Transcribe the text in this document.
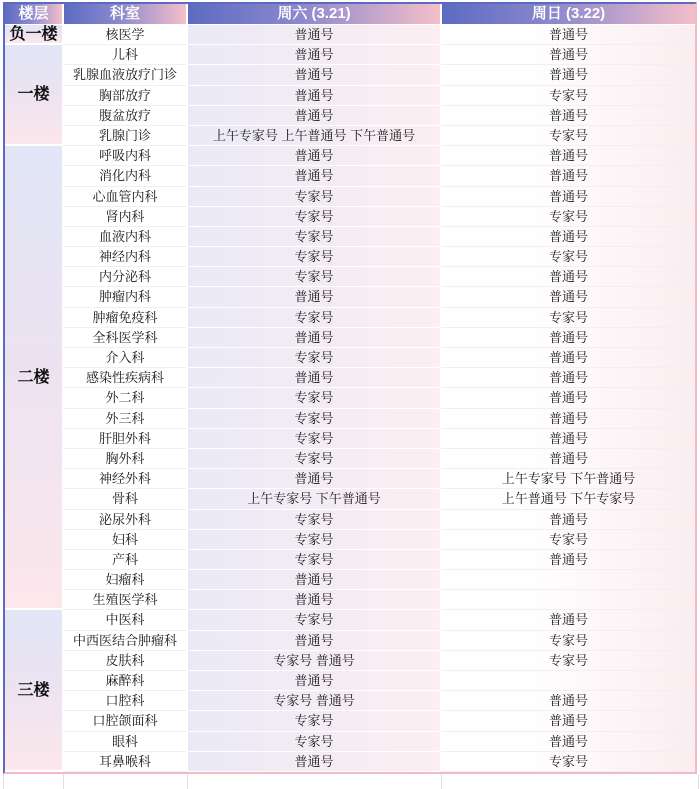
楼层	科室	周六 (3.21)	周日 (3.22)
负一楼	核医学	普通号	普通号
一楼
儿科	普通号	普通号
乳腺血液放疗门诊	普通号	普通号
胸部放疗	普通号	专家号
腹盆放疗	普通号	普通号
乳腺门诊	上午专家号 上午普通号 下午普通号	专家号
二楼
呼吸内科	普通号	普通号
消化内科	普通号	普通号
心血管内科	专家号	普通号
肾内科	专家号	专家号
血液内科	专家号	普通号
神经内科	专家号	专家号
内分泌科	专家号	普通号
肿瘤内科	普通号	普通号
肿瘤免疫科	专家号	专家号
全科医学科	普通号	普通号
介入科	专家号	普通号
感染性疾病科	普通号	普通号
外二科	专家号	普通号
外三科	专家号	普通号
肝胆外科	专家号	普通号
胸外科	专家号	普通号
神经外科	普通号	上午专家号 下午普通号
骨科	上午专家号 下午普通号	上午普通号 下午专家号
泌尿外科	专家号	普通号
妇科	专家号	专家号
产科	专家号	普通号
妇瘤科	普通号
生殖医学科	普通号
三楼
中医科	专家号	普通号
中西医结合肿瘤科	普通号	专家号
皮肤科	专家号 普通号	专家号
麻醉科	普通号
口腔科	专家号 普通号	普通号
口腔颌面科	专家号	普通号
眼科	专家号	普通号
耳鼻喉科	普通号	专家号
